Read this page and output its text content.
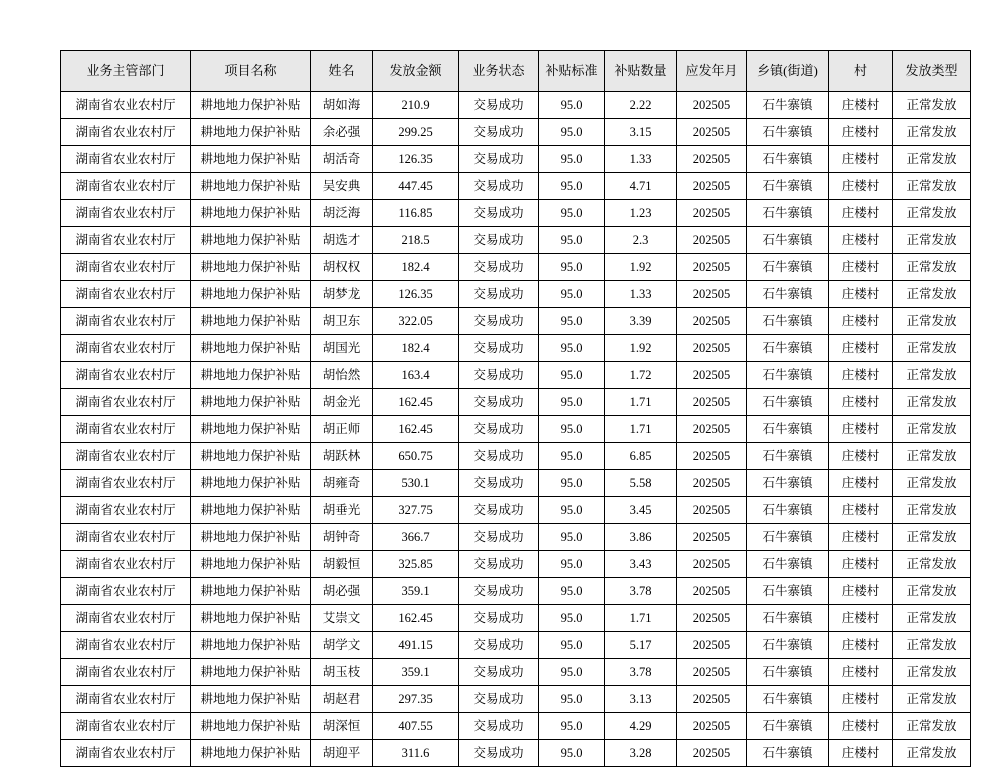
业务主管部门	项目名称	姓名	发放金额	业务状态	补贴标准	补贴数量	应发年月	乡镇(街道)	村	发放类型
湖南省农业农村厅	耕地地力保护补贴	胡如海	210.9	交易成功	95.0	2.22	202505	石牛寨镇	庄楼村	正常发放
湖南省农业农村厅	耕地地力保护补贴	余必强	299.25	交易成功	95.0	3.15	202505	石牛寨镇	庄楼村	正常发放
湖南省农业农村厅	耕地地力保护补贴	胡活奇	126.35	交易成功	95.0	1.33	202505	石牛寨镇	庄楼村	正常发放
湖南省农业农村厅	耕地地力保护补贴	吴安典	447.45	交易成功	95.0	4.71	202505	石牛寨镇	庄楼村	正常发放
湖南省农业农村厅	耕地地力保护补贴	胡泛海	116.85	交易成功	95.0	1.23	202505	石牛寨镇	庄楼村	正常发放
湖南省农业农村厅	耕地地力保护补贴	胡选才	218.5	交易成功	95.0	2.3	202505	石牛寨镇	庄楼村	正常发放
湖南省农业农村厅	耕地地力保护补贴	胡权权	182.4	交易成功	95.0	1.92	202505	石牛寨镇	庄楼村	正常发放
湖南省农业农村厅	耕地地力保护补贴	胡梦龙	126.35	交易成功	95.0	1.33	202505	石牛寨镇	庄楼村	正常发放
湖南省农业农村厅	耕地地力保护补贴	胡卫东	322.05	交易成功	95.0	3.39	202505	石牛寨镇	庄楼村	正常发放
湖南省农业农村厅	耕地地力保护补贴	胡国光	182.4	交易成功	95.0	1.92	202505	石牛寨镇	庄楼村	正常发放
湖南省农业农村厅	耕地地力保护补贴	胡怡然	163.4	交易成功	95.0	1.72	202505	石牛寨镇	庄楼村	正常发放
湖南省农业农村厅	耕地地力保护补贴	胡金光	162.45	交易成功	95.0	1.71	202505	石牛寨镇	庄楼村	正常发放
湖南省农业农村厅	耕地地力保护补贴	胡正师	162.45	交易成功	95.0	1.71	202505	石牛寨镇	庄楼村	正常发放
湖南省农业农村厅	耕地地力保护补贴	胡跃林	650.75	交易成功	95.0	6.85	202505	石牛寨镇	庄楼村	正常发放
湖南省农业农村厅	耕地地力保护补贴	胡雍奇	530.1	交易成功	95.0	5.58	202505	石牛寨镇	庄楼村	正常发放
湖南省农业农村厅	耕地地力保护补贴	胡垂光	327.75	交易成功	95.0	3.45	202505	石牛寨镇	庄楼村	正常发放
湖南省农业农村厅	耕地地力保护补贴	胡钟奇	366.7	交易成功	95.0	3.86	202505	石牛寨镇	庄楼村	正常发放
湖南省农业农村厅	耕地地力保护补贴	胡毅恒	325.85	交易成功	95.0	3.43	202505	石牛寨镇	庄楼村	正常发放
湖南省农业农村厅	耕地地力保护补贴	胡必强	359.1	交易成功	95.0	3.78	202505	石牛寨镇	庄楼村	正常发放
湖南省农业农村厅	耕地地力保护补贴	艾崇文	162.45	交易成功	95.0	1.71	202505	石牛寨镇	庄楼村	正常发放
湖南省农业农村厅	耕地地力保护补贴	胡学文	491.15	交易成功	95.0	5.17	202505	石牛寨镇	庄楼村	正常发放
湖南省农业农村厅	耕地地力保护补贴	胡玉枝	359.1	交易成功	95.0	3.78	202505	石牛寨镇	庄楼村	正常发放
湖南省农业农村厅	耕地地力保护补贴	胡赵君	297.35	交易成功	95.0	3.13	202505	石牛寨镇	庄楼村	正常发放
湖南省农业农村厅	耕地地力保护补贴	胡深恒	407.55	交易成功	95.0	4.29	202505	石牛寨镇	庄楼村	正常发放
湖南省农业农村厅	耕地地力保护补贴	胡迎平	311.6	交易成功	95.0	3.28	202505	石牛寨镇	庄楼村	正常发放
